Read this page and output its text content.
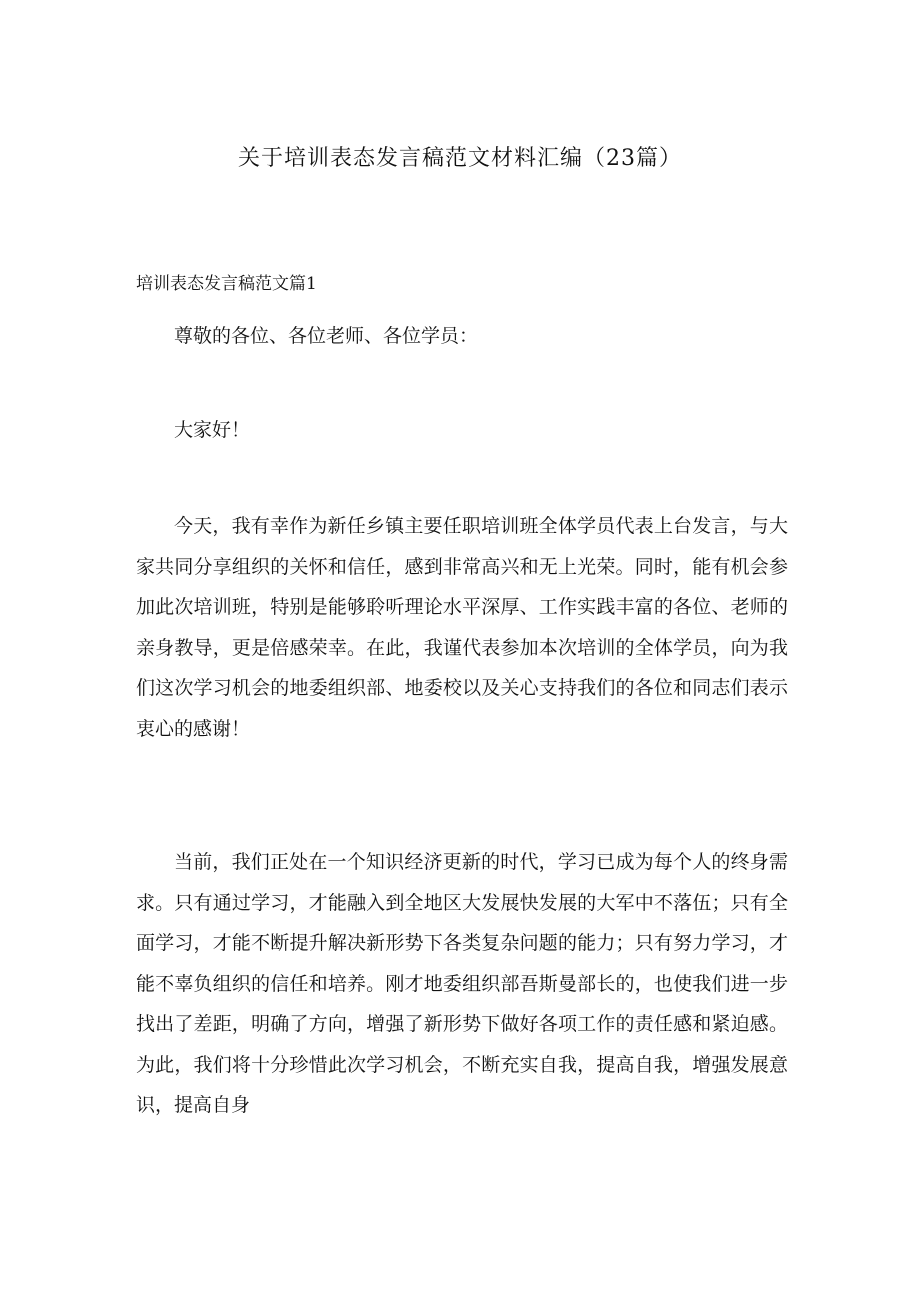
关于培训表态发言稿范文材料汇编（23篇）
培训表态发言稿范文篇1

尊敬的各位、各位老师、各位学员：

大家好！

今天，我有幸作为新任乡镇主要任职培训班全体学员代表上台发言，与大家共同分享组织的关怀和信任，感到非常高兴和无上光荣。同时，能有机会参加此次培训班，特别是能够聆听理论水平深厚、工作实践丰富的各位、老师的亲身教导，更是倍感荣幸。在此，我谨代表参加本次培训的全体学员，向为我们这次学习机会的地委组织部、地委校以及关心支持我们的各位和同志们表示衷心的感谢！

当前，我们正处在一个知识经济更新的时代，学习已成为每个人的终身需求。只有通过学习，才能融入到全地区大发展快发展的大军中不落伍；只有全面学习，才能不断提升解决新形势下各类复杂问题的能力；只有努力学习，才能不辜负组织的信任和培养。刚才地委组织部吾斯曼部长的，也使我们进一步找出了差距，明确了方向，增强了新形势下做好各项工作的责任感和紧迫感。为此，我们将十分珍惜此次学习机会，不断充实自我，提高自我，增强发展意识，提高自身
